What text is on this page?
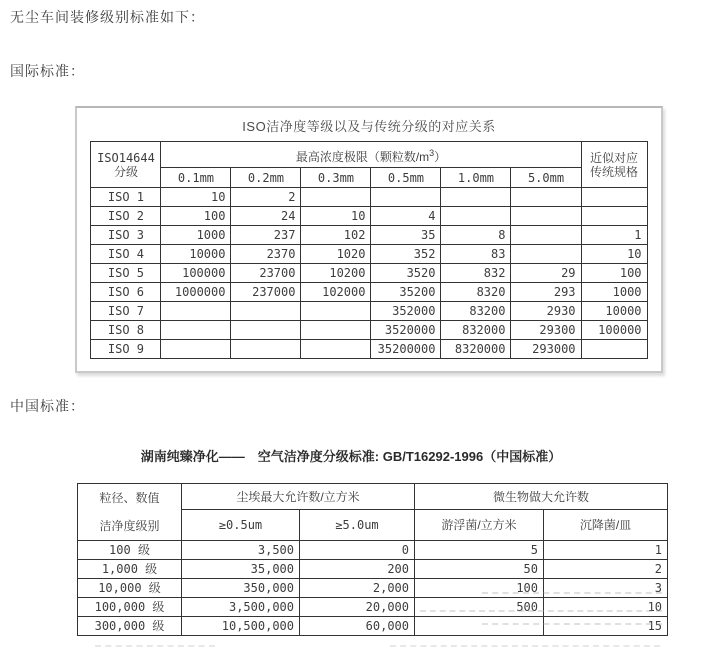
无尘车间装修级别标准如下：
国际标准：
ISO洁净度等级以及与传统分级的对应关系
ISO14644
分级	最高浓度极限（颗粒数$/m^3$）						近似对应
传统规格
	0.1mm	0.2mm	0.3mm	0.5mm	1.0mm	5.0mm	
ISO 1	10	2					
ISO 2	100	24	10	4			
ISO 3	1000	237	102	35	8		1
ISO 4	10000	2370	1020	352	83		10
ISO 5	100000	23700	10200	3520	832	29	100
ISO 6	1000000	237000	102000	35200	8320	293	1000
ISO 7				352000	83200	2930	10000
ISO 8				3520000	832000	29300	100000
ISO 9				35200000	8320000	293000	
中国标准：
湖南纯臻净化——　空气洁净度分级标准: GB/T16292-1996（中国标准）
粒径、数值
洁净度级别	尘埃最大允许数/立方米		微生物做大允许数	
	≥0.5um	≥5.0um	游浮菌/立方米	沉降菌/皿
100 级	3,500	0	5	1
1,000 级	35,000	200	50	2
10,000 级	350,000	2,000	100	3
100,000 级	3,500,000	20,000	500	10
300,000 级	10,500,000	60,000		15
